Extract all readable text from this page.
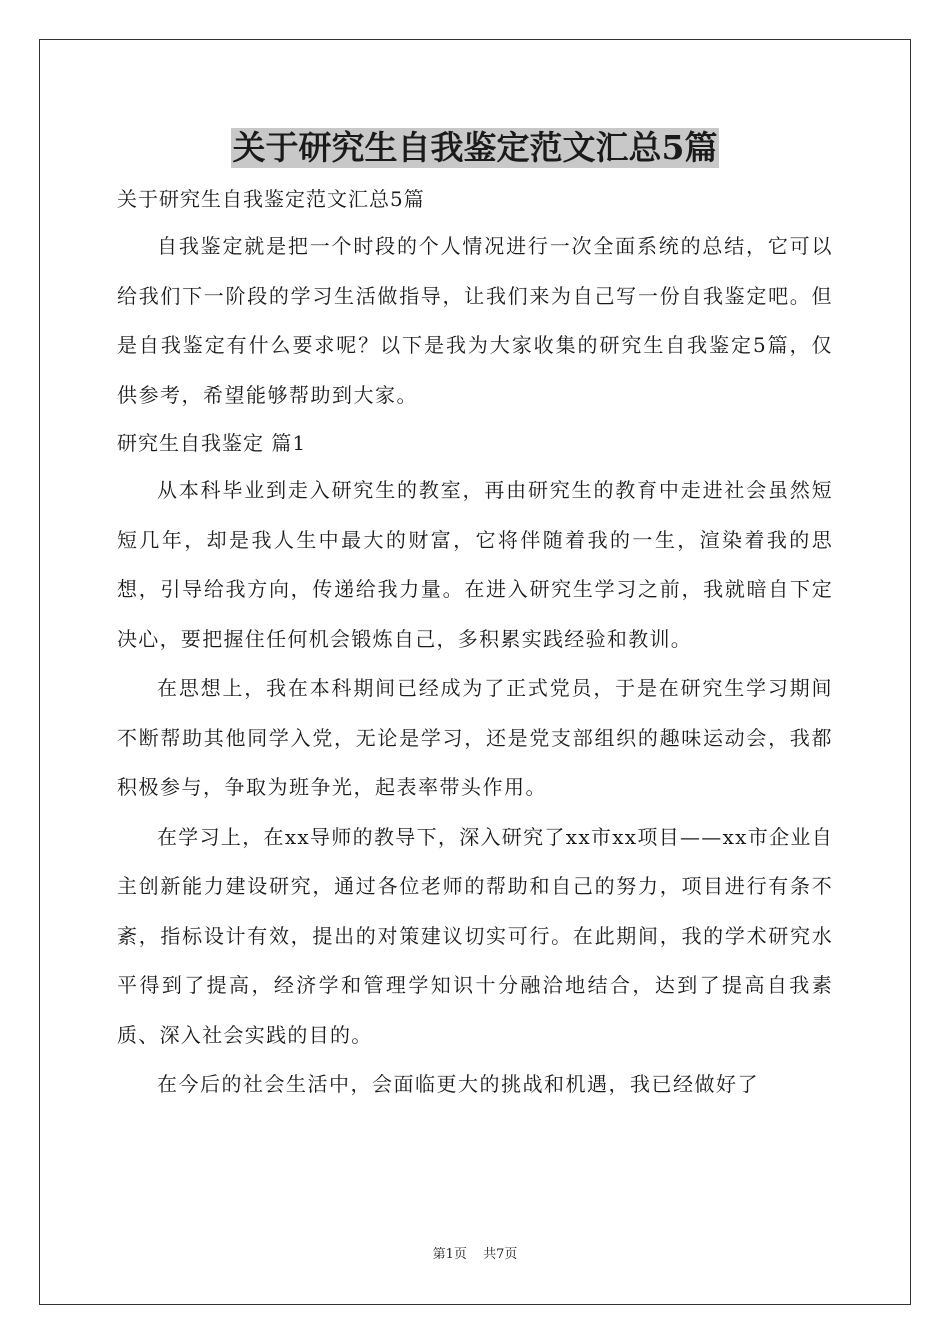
关于研究生自我鉴定范文汇总5篇

关于研究生自我鉴定范文汇总5篇

自我鉴定就是把一个时段的个人情况进行一次全面系统的总结，它可以给我们下一阶段的学习生活做指导，让我们来为自己写一份自我鉴定吧。但是自我鉴定有什么要求呢？以下是我为大家收集的研究生自我鉴定5篇，仅供参考，希望能够帮助到大家。

研究生自我鉴定 篇1

从本科毕业到走入研究生的教室，再由研究生的教育中走进社会虽然短短几年，却是我人生中最大的财富，它将伴随着我的一生，渲染着我的思想，引导给我方向，传递给我力量。在进入研究生学习之前，我就暗自下定决心，要把握住任何机会锻炼自己，多积累实践经验和教训。

在思想上，我在本科期间已经成为了正式党员，于是在研究生学习期间不断帮助其他同学入党，无论是学习，还是党支部组织的趣味运动会，我都积极参与，争取为班争光，起表率带头作用。

在学习上，在xx导师的教导下，深入研究了xx市xx项目——xx市企业自主创新能力建设研究，通过各位老师的帮助和自己的努力，项目进行有条不紊，指标设计有效，提出的对策建议切实可行。在此期间，我的学术研究水平得到了提高，经济学和管理学知识十分融洽地结合，达到了提高自我素质、深入社会实践的目的。

在今后的社会生活中，会面临更大的挑战和机遇，我已经做好了

第1页 共7页
